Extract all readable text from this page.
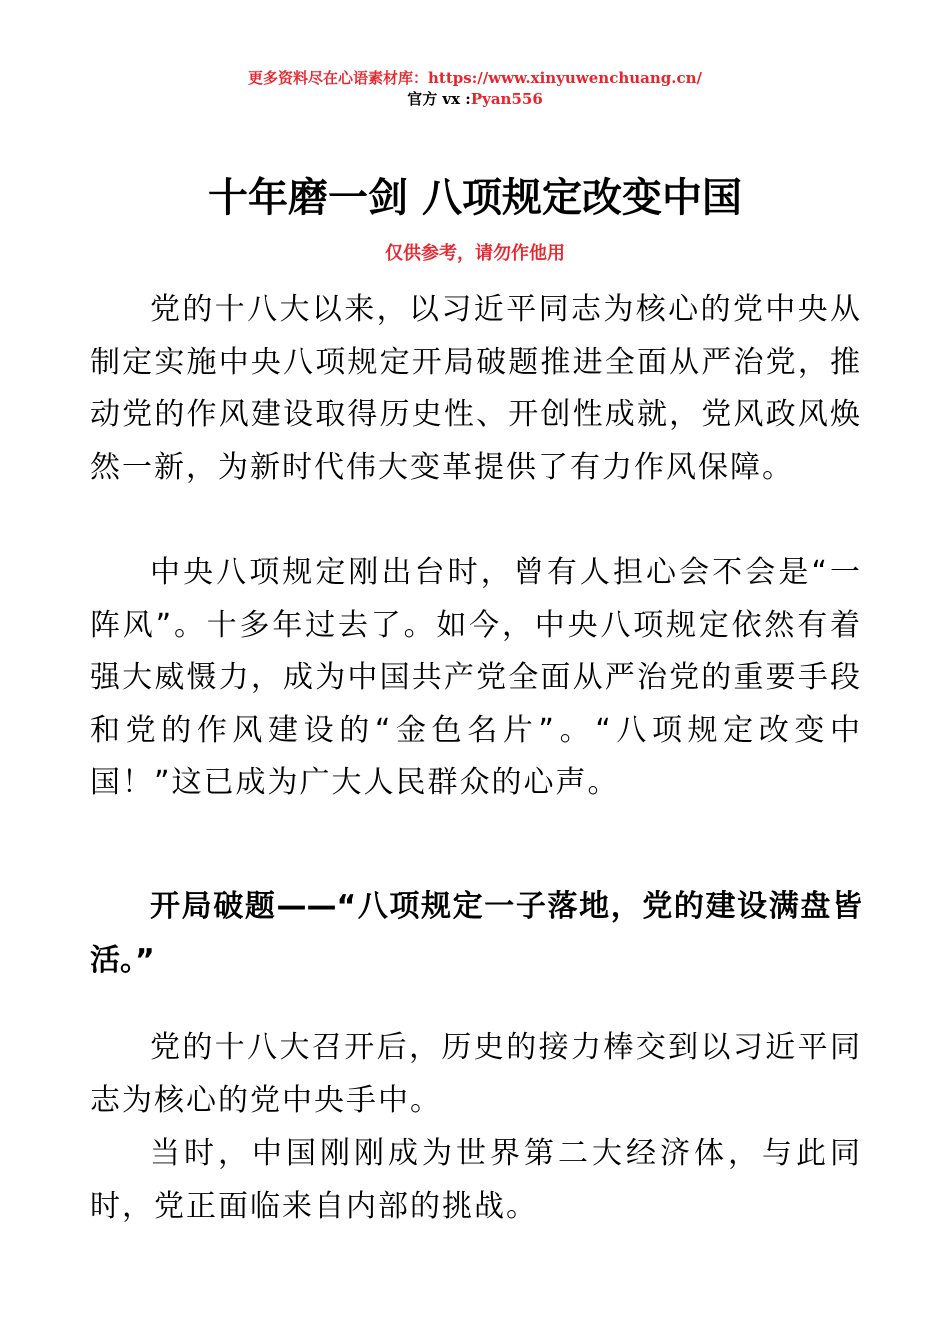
更多资料尽在心语素材库：https://www.xinyuwenchuang.cn/
官方 vx :Pyan556
十年磨一剑 八项规定改变中国
仅供参考，请勿作他用

党的十八大以来，以习近平同志为核心的党中央从制定实施中央八项规定开局破题推进全面从严治党，推动党的作风建设取得历史性、开创性成就，党风政风焕然一新，为新时代伟大变革提供了有力作风保障。

中央八项规定刚出台时，曾有人担心会不会是“一阵风”。十多年过去了。如今，中央八项规定依然有着强大威慑力，成为中国共产党全面从严治党的重要手段和党的作风建设的“金色名片”。“八项规定改变中国！”这已成为广大人民群众的心声。

开局破题——“八项规定一子落地，党的建设满盘皆活。”

党的十八大召开后，历史的接力棒交到以习近平同志为核心的党中央手中。

当时，中国刚刚成为世界第二大经济体，与此同时，党正面临来自内部的挑战。
